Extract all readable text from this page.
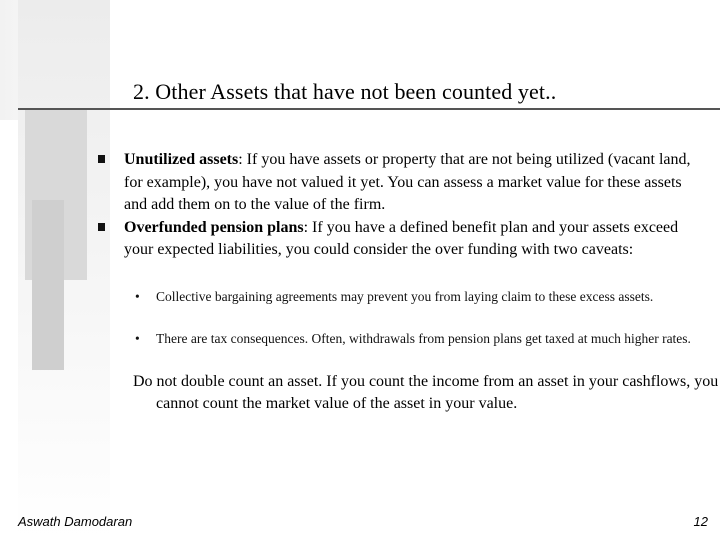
2. Other Assets that have not been counted yet..
Unutilized assets: If you have assets or property that are not being utilized (vacant land, for example), you have not valued it yet. You can assess a market value for these assets and add them on to the value of the firm.
Overfunded pension plans: If you have a defined benefit plan and your assets exceed your expected liabilities, you could consider the over funding with two caveats:
• Collective bargaining agreements may prevent you from laying claim to these excess assets.
• There are tax consequences. Often, withdrawals from pension plans get taxed at much higher rates.
Do not double count an asset. If you count the income from an asset in your cashflows, you cannot count the market value of the asset in your value.
Aswath Damodaran	12
